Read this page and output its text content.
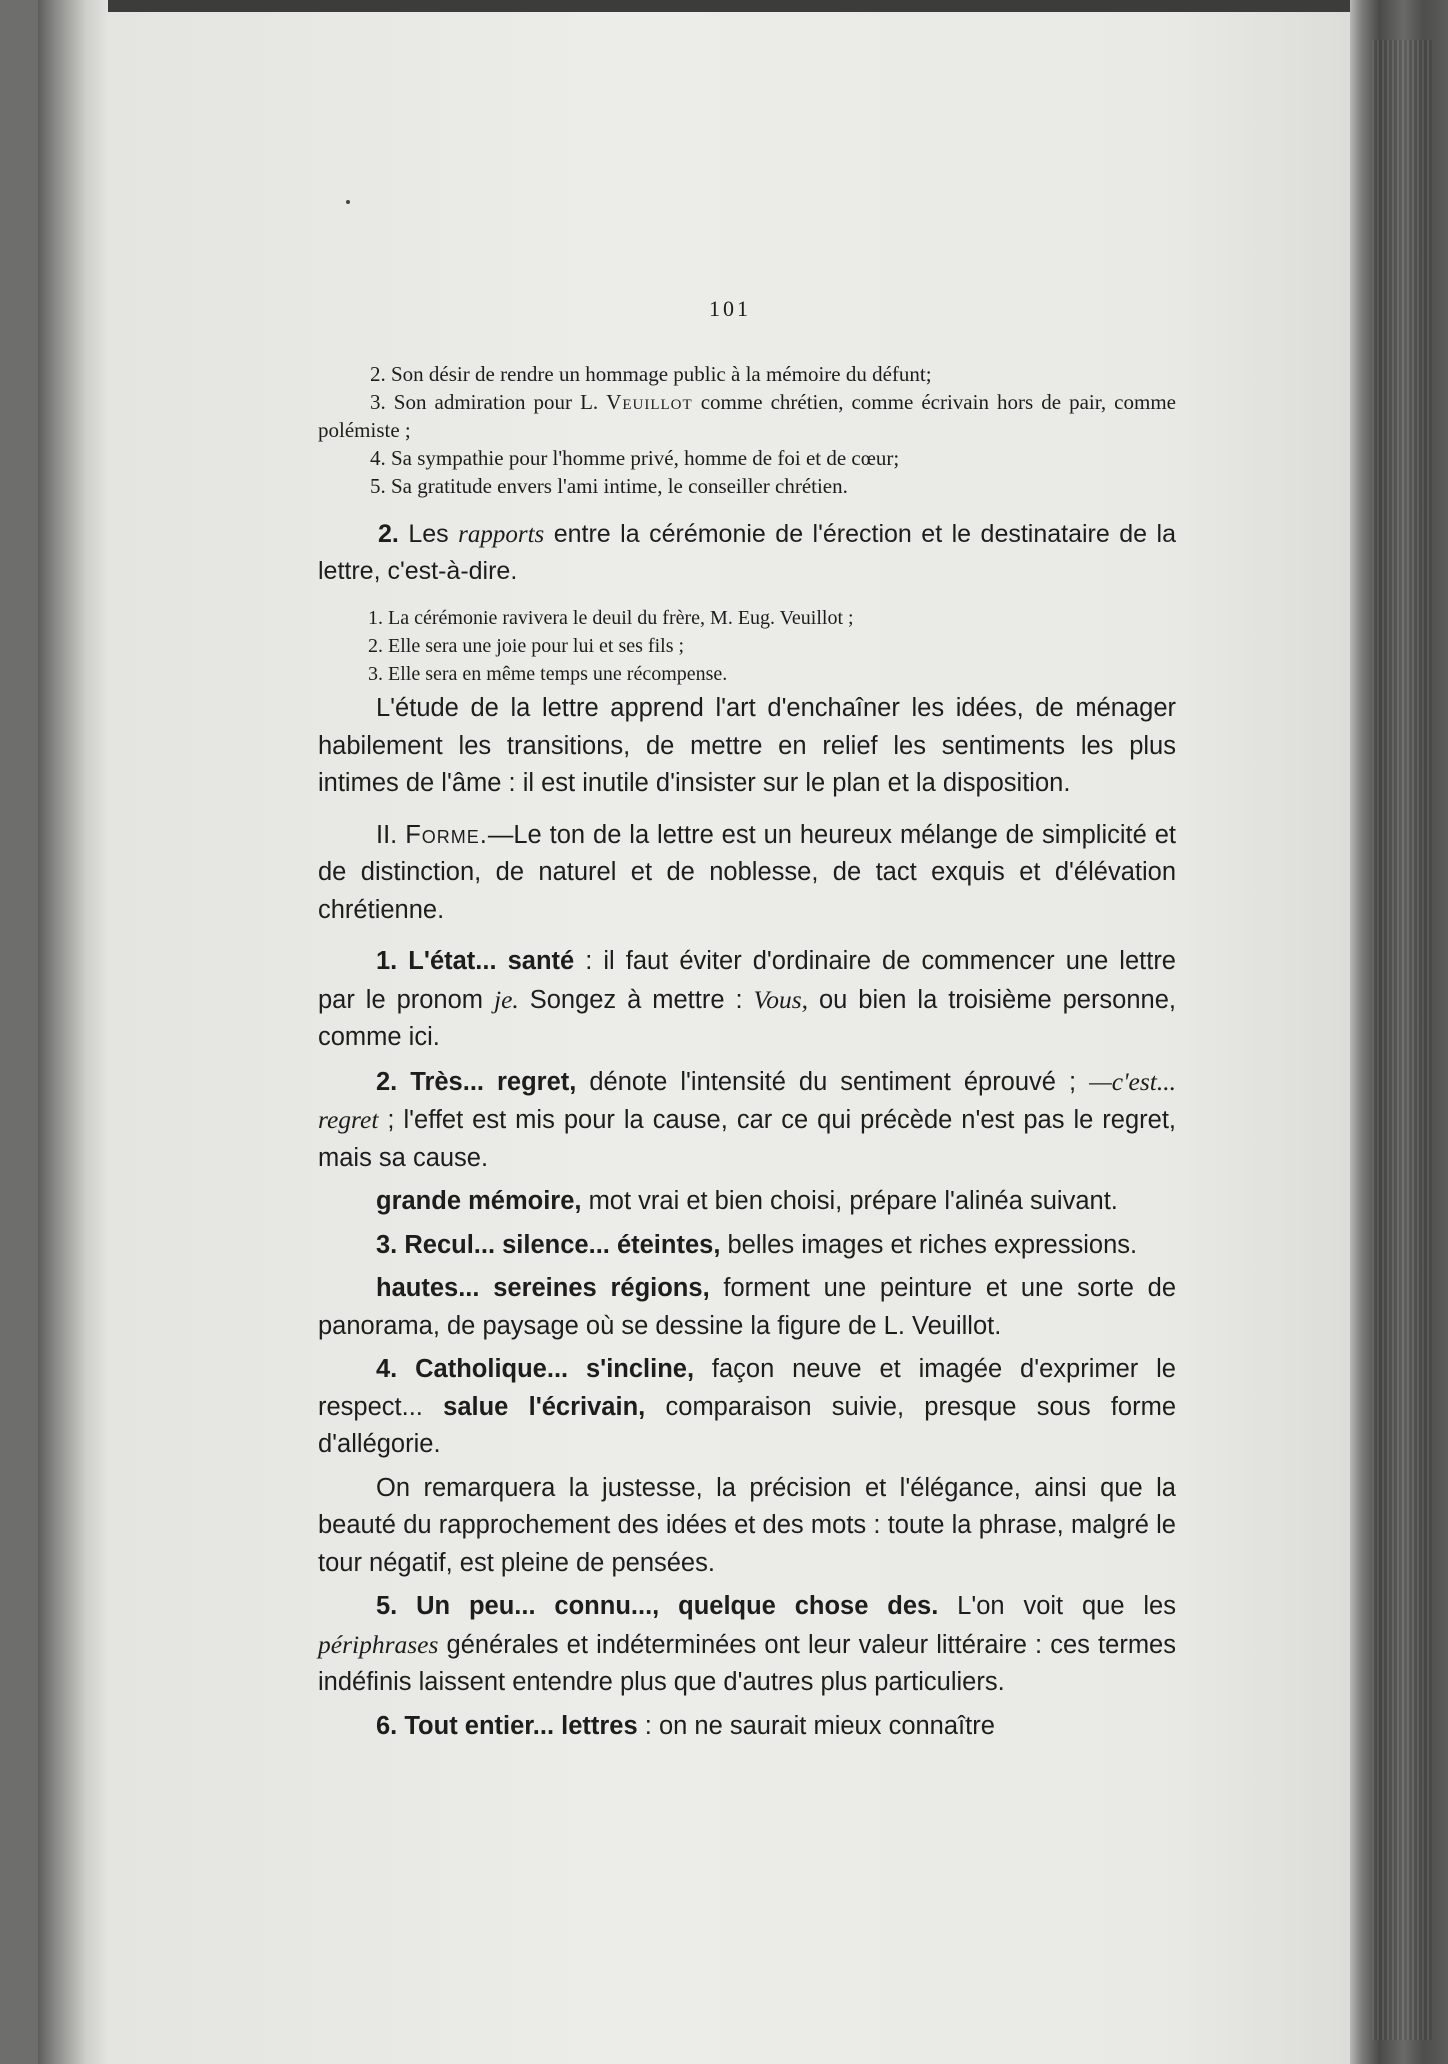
101

2. Son désir de rendre un hommage public à la mémoire du défunt;

3. Son admiration pour L. Veuillot comme chrétien, comme écrivain hors de pair, comme polémiste ;

4. Sa sympathie pour l'homme privé, homme de foi et de cœur;

5. Sa gratitude envers l'ami intime, le conseiller chrétien.

2. Les rapports entre la cérémonie de l'érection et le destinataire de la lettre, c'est-à-dire.

1. La cérémonie ravivera le deuil du frère, M. Eug. Veuillot ;

2. Elle sera une joie pour lui et ses fils ;

3. Elle sera en même temps une récompense.

L'étude de la lettre apprend l'art d'enchaîner les idées, de ménager habilement les transitions, de mettre en relief les sentiments les plus intimes de l'âme : il est inutile d'insister sur le plan et la disposition.

II. Forme.—Le ton de la lettre est un heureux mélange de simplicité et de distinction, de naturel et de noblesse, de tact exquis et d'élévation chrétienne.

1. L'état... santé : il faut éviter d'ordinaire de commencer une lettre par le pronom je. Songez à mettre : Vous, ou bien la troisième personne, comme ici.

2. Très... regret, dénote l'intensité du sentiment éprouvé ; —c'est... regret ; l'effet est mis pour la cause, car ce qui précède n'est pas le regret, mais sa cause.

grande mémoire, mot vrai et bien choisi, prépare l'alinéa suivant.

3. Recul... silence... éteintes, belles images et riches expressions.

hautes... sereines régions, forment une peinture et une sorte de panorama, de paysage où se dessine la figure de L. Veuillot.

4. Catholique... s'incline, façon neuve et imagée d'exprimer le respect... salue l'écrivain, comparaison suivie, presque sous forme d'allégorie.

On remarquera la justesse, la précision et l'élégance, ainsi que la beauté du rapprochement des idées et des mots : toute la phrase, malgré le tour négatif, est pleine de pensées.

5. Un peu... connu..., quelque chose des. L'on voit que les périphrases générales et indéterminées ont leur valeur littéraire : ces termes indéfinis laissent entendre plus que d'autres plus particuliers.

6. Tout entier... lettres : on ne saurait mieux connaître
